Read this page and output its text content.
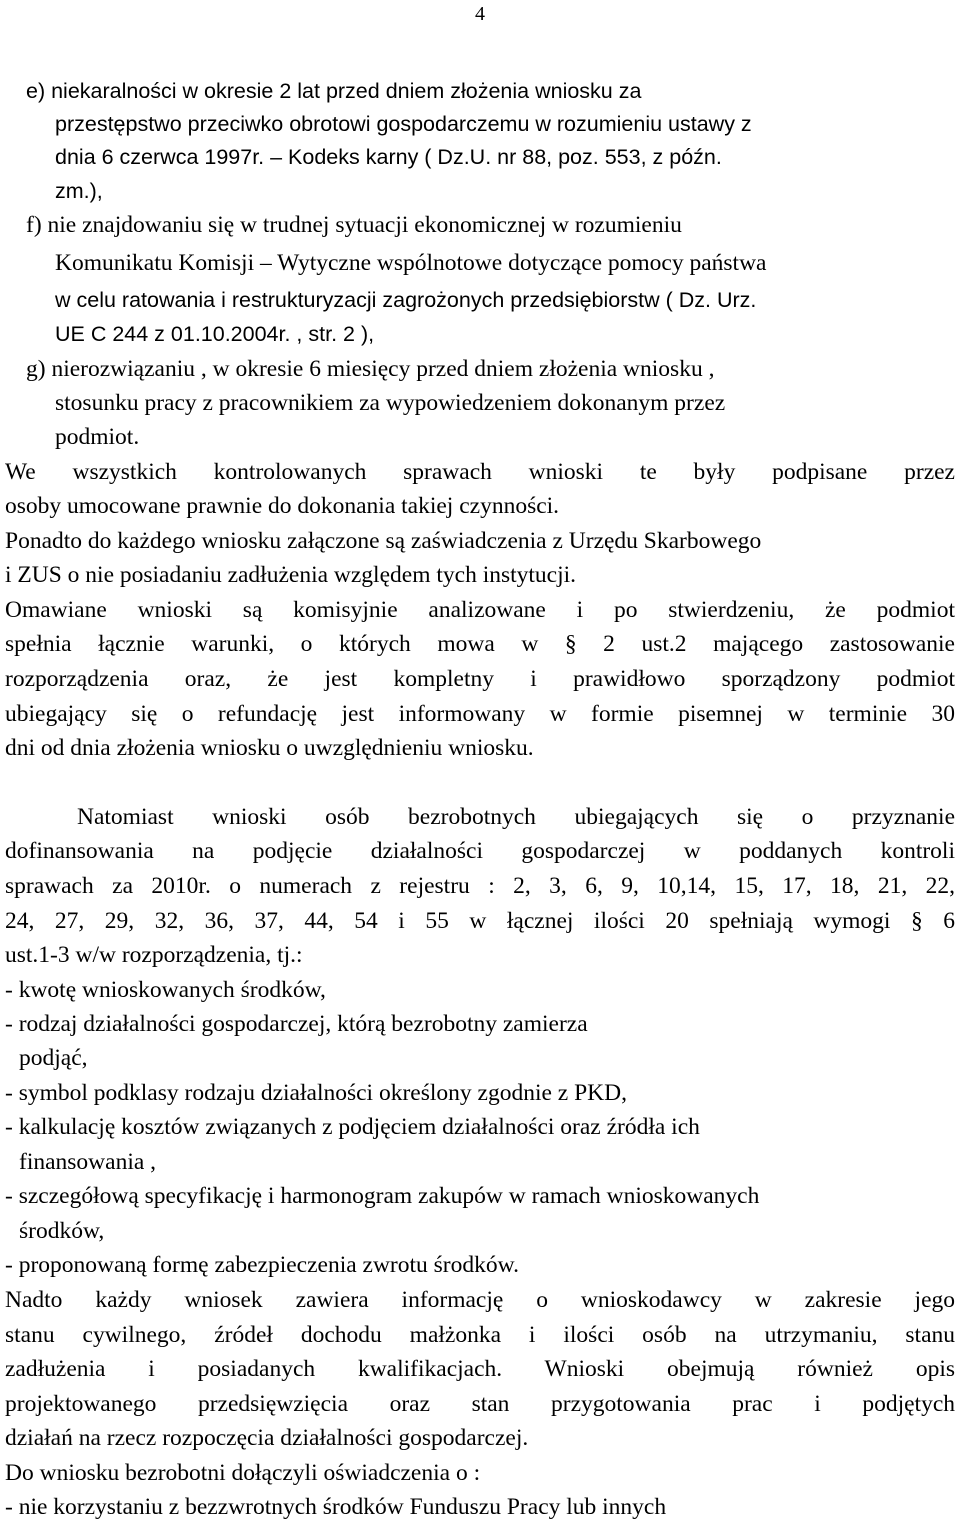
4
e) niekaralności w okresie 2 lat przed dniem złożenia wniosku za
przestępstwo przeciwko obrotowi gospodarczemu w rozumieniu ustawy z
dnia 6 czerwca 1997r. – Kodeks karny ( Dz.U. nr 88, poz. 553, z późn.
zm.),
f) nie znajdowaniu się w trudnej sytuacji ekonomicznej w rozumieniu
Komunikatu Komisji – Wytyczne wspólnotowe dotyczące pomocy państwa
w celu ratowania i restrukturyzacji zagrożonych przedsiębiorstw ( Dz. Urz.
UE C 244 z 01.10.2004r. , str. 2 ),
g) nierozwiązaniu , w okresie 6 miesięcy przed dniem złożenia wniosku ,
stosunku pracy z pracownikiem za wypowiedzeniem dokonanym przez
podmiot.
We wszystkich kontrolowanych sprawach wnioski te były podpisane przez
osoby umocowane prawnie do dokonania takiej czynności.
Ponadto do każdego wniosku załączone są zaświadczenia z Urzędu Skarbowego
i ZUS o nie posiadaniu zadłużenia względem tych instytucji.
Omawiane wnioski są komisyjnie analizowane i po stwierdzeniu, że podmiot
spełnia łącznie warunki, o których mowa w § 2 ust.2 mającego zastosowanie
rozporządzenia oraz, że jest kompletny i prawidłowo sporządzony podmiot
ubiegający się o refundację jest informowany w formie pisemnej w terminie 30
dni od dnia złożenia wniosku o uwzględnieniu wniosku.
Natomiast wnioski osób bezrobotnych ubiegających się o przyznanie
dofinansowania na podjęcie działalności gospodarczej w poddanych kontroli
sprawach za 2010r. o numerach z rejestru : 2, 3, 6, 9, 10,14, 15, 17, 18, 21, 22,
24, 27, 29, 32, 36, 37, 44, 54 i 55 w łącznej ilości 20 spełniają wymogi § 6
ust.1-3 w/w rozporządzenia, tj.:
- kwotę wnioskowanych środków,
- rodzaj działalności gospodarczej, którą bezrobotny zamierza
podjąć,
- symbol podklasy rodzaju działalności określony zgodnie z PKD,
- kalkulację kosztów związanych z podjęciem działalności oraz źródła ich
finansowania ,
- szczegółową specyfikację i harmonogram zakupów w ramach wnioskowanych
środków,
- proponowaną formę zabezpieczenia zwrotu środków.
Nadto każdy wniosek zawiera informację o wnioskodawcy w zakresie jego
stanu cywilnego, źródeł dochodu małżonka i ilości osób na utrzymaniu, stanu
zadłużenia i posiadanych kwalifikacjach. Wnioski obejmują również opis
projektowanego przedsięwzięcia oraz stan przygotowania prac i podjętych
działań na rzecz rozpoczęcia działalności gospodarczej.
Do wniosku bezrobotni dołączyli oświadczenia o :
- nie korzystaniu z bezzwrotnych środków Funduszu Pracy lub innych
